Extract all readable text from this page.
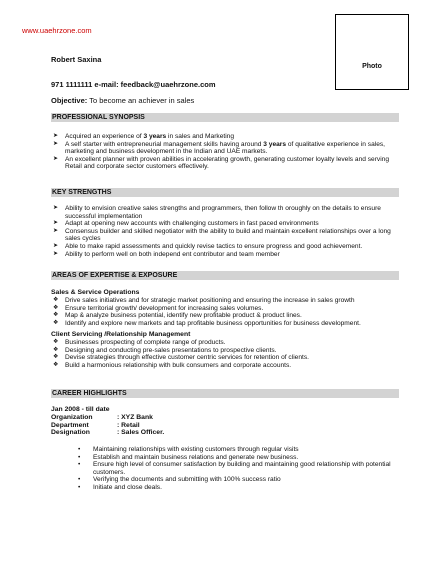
www.uaehrzone.com
Photo
Robert Saxina
971 1111111 e-mail: feedback@uaehrzone.com
Objective: To become an achiever in sales
PROFESSIONAL SYNOPSIS
➤ Acquired an experience of 3 years in sales and Marketing
➤ A self starter with entrepreneurial management skills having around 3 years of qualitative experience in sales, marketing and business development in the Indian and UAE markets.
➤ An excellent planner with proven abilities in accelerating growth, generating customer loyalty levels and serving Retail and corporate sector customers effectively.
KEY STRENGTHS
➤ Ability to envision creative sales strengths and programmers, then follow th oroughly on the details to ensure successful implementation
➤ Adapt at opening new accounts with challenging customers in fast paced environments
➤ Consensus builder and skilled negotiator with the ability to build and maintain excellent relationships over a long sales cycles
➤ Able to make rapid assessments and quickly revise tactics to ensure progress and good achievement.
➤ Ability to perform well on both independ ent contributor and team member
AREAS OF EXPERTISE & EXPOSURE
Sales & Service Operations
❖ Drive sales initiatives and for strategic market positioning and ensuring the increase in sales growth
❖ Ensure territorial growth/ development for increasing sales volumes.
❖ Map & analyze business potential, identify new profitable product & product lines.
❖ Identify and explore new markets and tap profitable business opportunities for business development.
Client Servicing /Relationship Management
❖ Businesses prospecting of complete range of products.
❖ Designing and conducting pre-sales presentations to prospective clients.
❖ Devise strategies through effective customer centric services for retention of clients.
❖ Build a harmonious relationship with bulk consumers and corporate accounts.
CAREER HIGHLIGHTS
Jan 2008 - till date
Organization	: XYZ Bank
Department	: Retail
Designation	: Sales Officer.
• Maintaining relationships with existing customers through regular visits
• Establish and maintain business relations and generate new business.
• Ensure high level of consumer satisfaction by building and maintaining good relationship with potential customers.
• Verifying the documents and submitting with 100% success ratio
• Initiate and close deals.
